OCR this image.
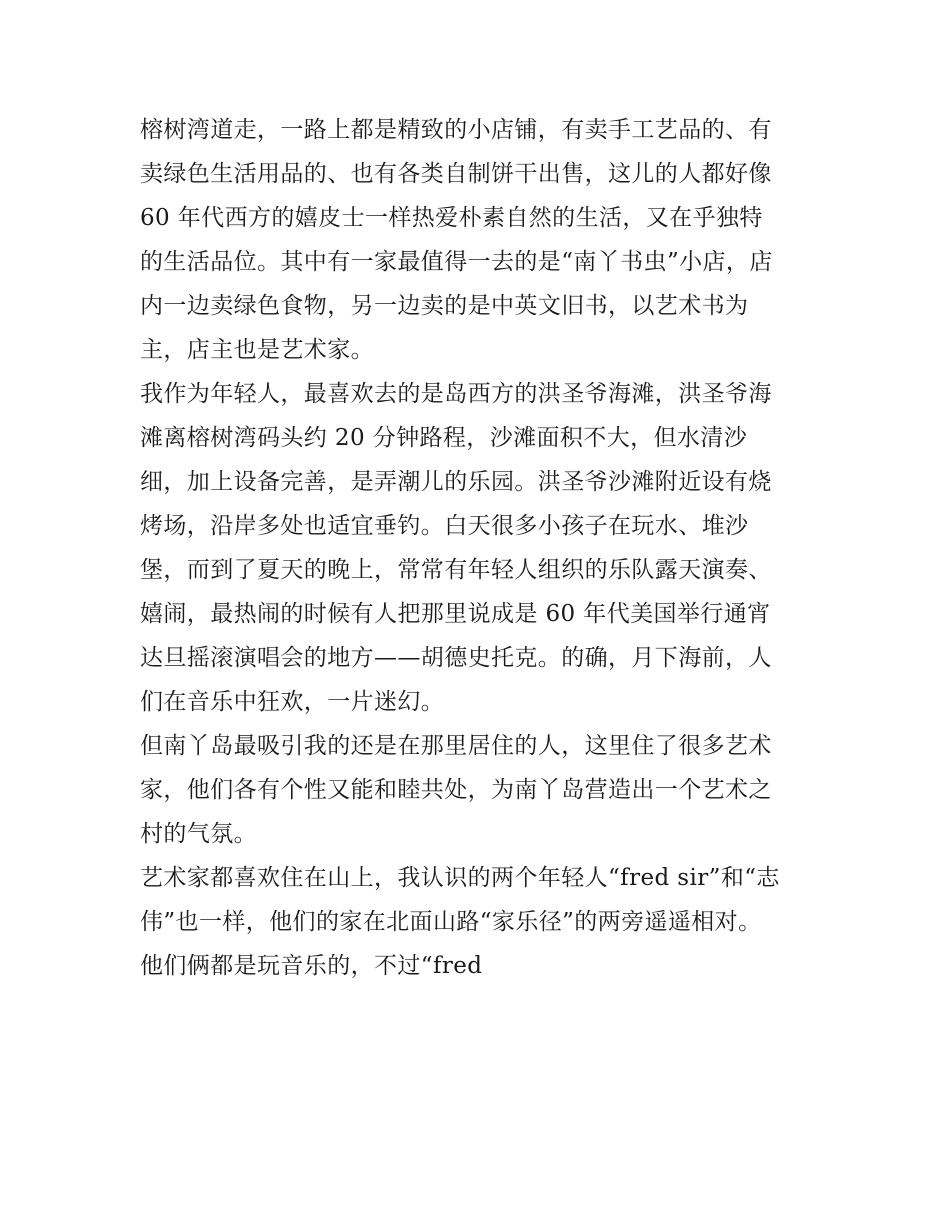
榕树湾道走，一路上都是精致的小店铺，有卖手工艺品的、有
卖绿色生活用品的、也有各类自制饼干出售，这儿的人都好像
60 年代西方的嬉皮士一样热爱朴素自然的生活，又在乎独特
的生活品位。其中有一家最值得一去的是“南丫书虫”小店，店
内一边卖绿色食物，另一边卖的是中英文旧书，以艺术书为
主，店主也是艺术家。
我作为年轻人，最喜欢去的是岛西方的洪圣爷海滩，洪圣爷海
滩离榕树湾码头约 20 分钟路程，沙滩面积不大，但水清沙
细，加上设备完善，是弄潮儿的乐园。洪圣爷沙滩附近设有烧
烤场，沿岸多处也适宜垂钓。白天很多小孩子在玩水、堆沙
堡，而到了夏天的晚上，常常有年轻人组织的乐队露天演奏、
嬉闹，最热闹的时候有人把那里说成是 60 年代美国举行通宵
达旦摇滚演唱会的地方——胡德史托克。的确，月下海前，人
们在音乐中狂欢，一片迷幻。
但南丫岛最吸引我的还是在那里居住的人，这里住了很多艺术
家，他们各有个性又能和睦共处，为南丫岛营造出一个艺术之
村的气氛。
艺术家都喜欢住在山上，我认识的两个年轻人“fred sir”和“志
伟”也一样，他们的家在北面山路“家乐径”的两旁遥遥相对。
他们俩都是玩音乐的，不过“fred
